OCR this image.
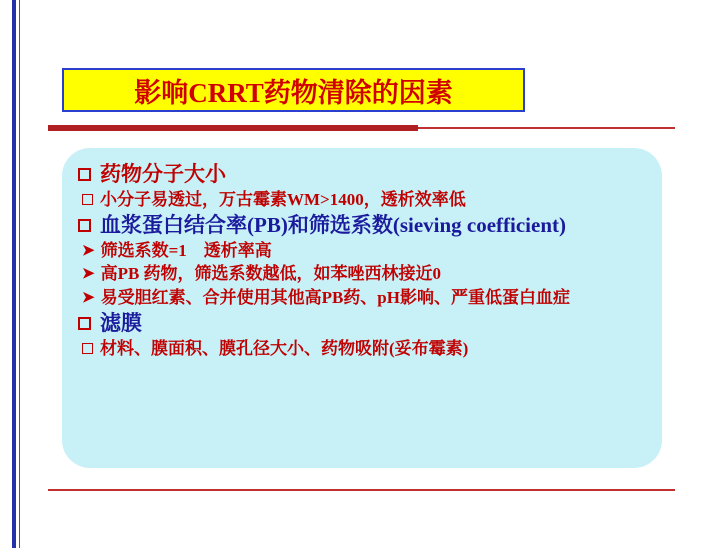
影响CRRT药物清除的因素
药物分子大小
小分子易透过，万古霉素WM>1400，透析效率低
血浆蛋白结合率(PB)和筛选系数(sieving coefficient)
➤ 筛选系数=1　透析率高
➤ 高PB 药物，筛选系数越低，如苯唑西林接近0
➤ 易受胆红素、合并使用其他高PB药、pH影响、严重低蛋白血症
滤膜
材料、膜面积、膜孔径大小、药物吸附(妥布霉素)
